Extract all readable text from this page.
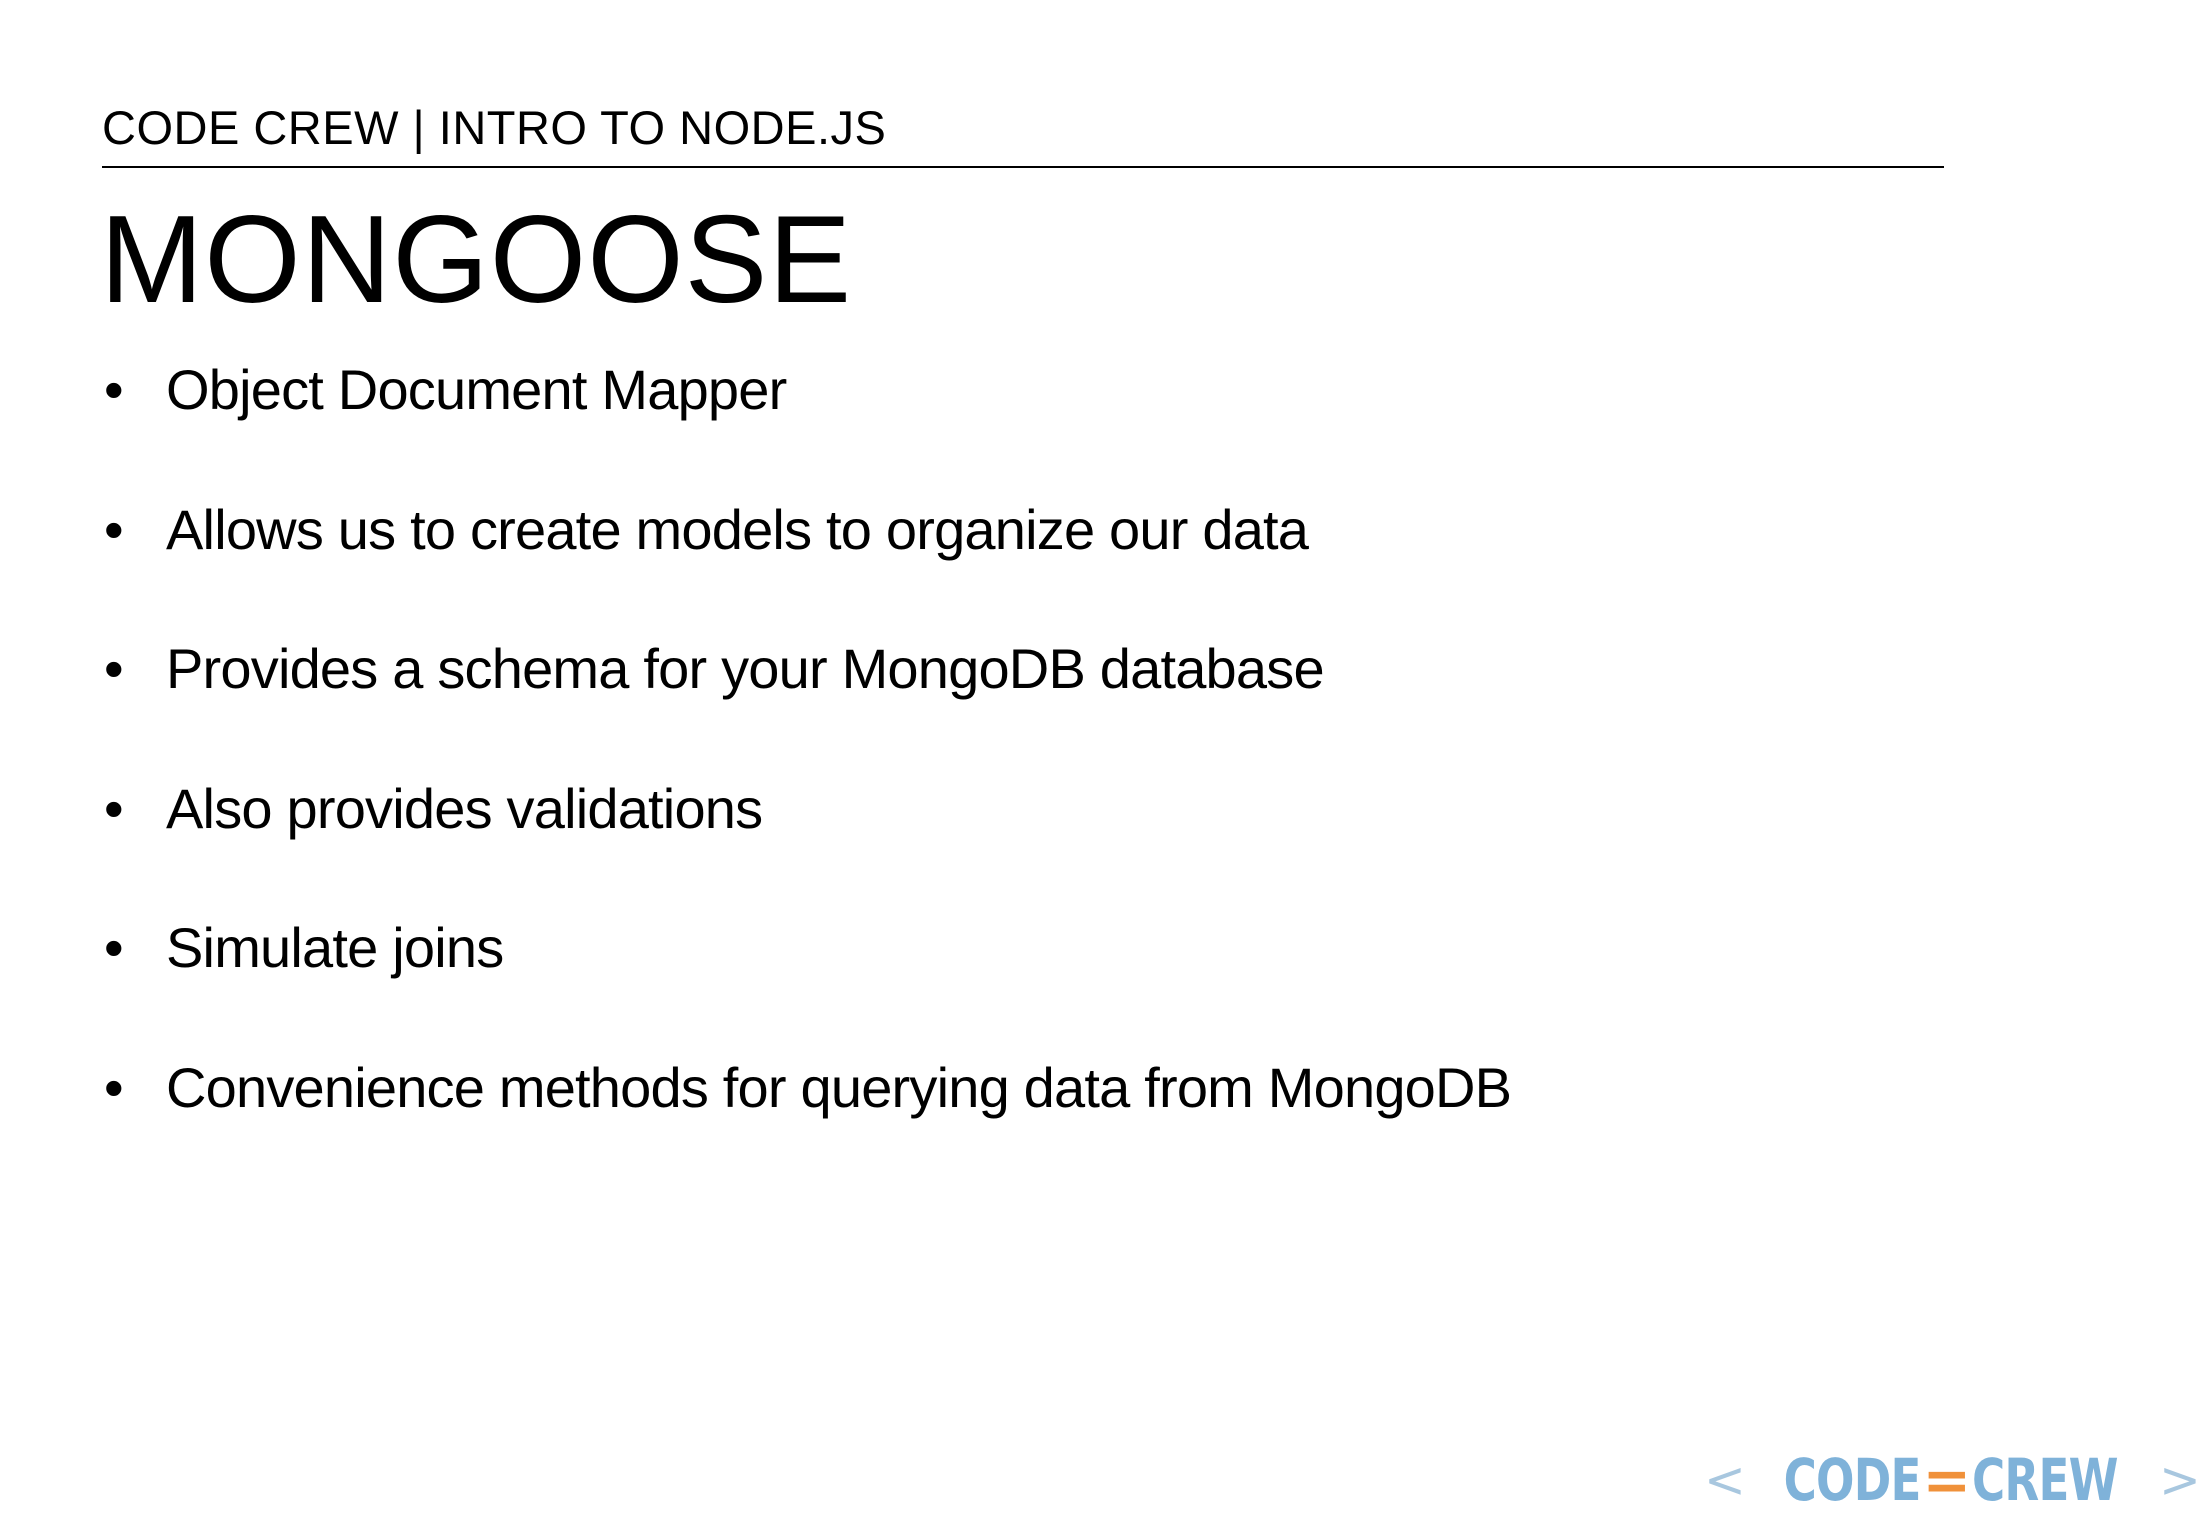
CODE CREW | INTRO TO NODE.JS
MONGOOSE
• Object Document Mapper
• Allows us to create models to organize our data
• Provides a schema for your MongoDB database
• Also provides validations
• Simulate joins
• Convenience methods for querying data from MongoDB
< CODE = CREW >
